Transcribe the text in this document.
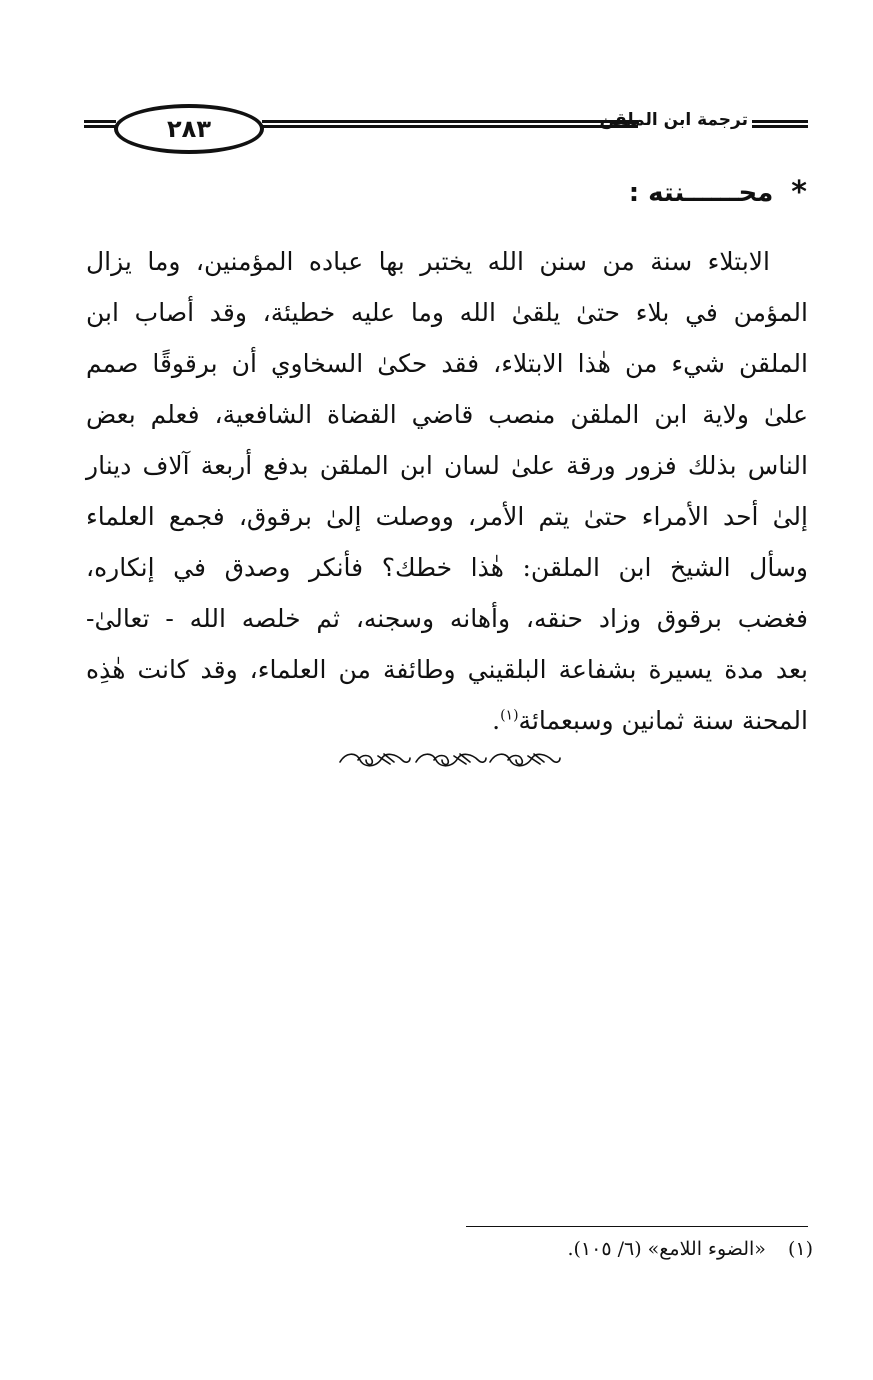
٢٨٣	ترجمة ابن الملقن
*
محــــــنته :
الابتلاء سنة من سنن الله يختبر بها عباده المؤمنين، وما يزال
المؤمن في بلاء حتىٰ يلقىٰ الله وما عليه خطيئة، وقد أصاب ابن
الملقن شيء من هٰذا الابتلاء، فقد حكىٰ السخاوي أن برقوقًا صمم
علىٰ ولاية ابن الملقن منصب قاضي القضاة الشافعية، فعلم بعض
الناس بذلك فزور ورقة علىٰ لسان ابن الملقن بدفع أربعة آلاف دينار
إلىٰ أحد الأمراء حتىٰ يتم الأمر، ووصلت إلىٰ برقوق، فجمع العلماء
وسأل الشيخ ابن الملقن: هٰذا خطك؟ فأنكر وصدق في إنكاره،
فغضب برقوق وزاد حنقه، وأهانه وسجنه، ثم خلصه الله - تعالىٰ-
بعد مدة يسيرة بشفاعة البلقيني وطائفة من العلماء، وقد كانت هٰذِه
المحنة سنة ثمانين وسبعمائة$^{(١)}$.
(١)
«الضوء اللامع» (٦/ ١٠٥).
